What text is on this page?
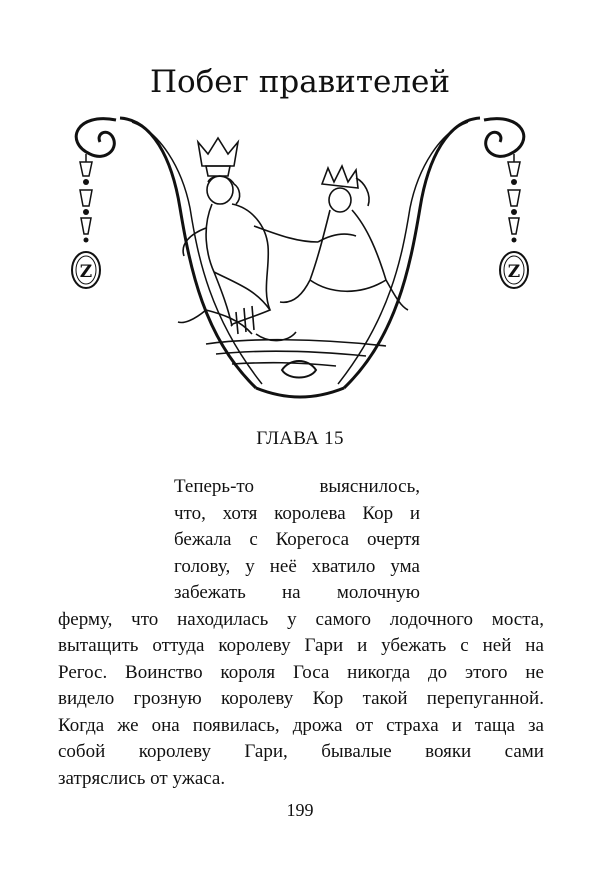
Z	Z
Побег правителей
ГЛАВА 15
Теперь-то	выяснилось,
что, хотя королева Кор и
бежала с Корегоса очертя
голову, у неё хватило ума
забежать на молочную
ферму, что находилась у самого лодочного моста,
вытащить оттуда королеву Гари и убежать с ней на
Регос. Воинство короля Госа никогда до этого не
видело грозную королеву Кор такой перепуганной.
Когда же она появилась, дрожа от страха и таща за
собой королеву Гари, бывалые вояки сами
затряслись от ужаса.
199
